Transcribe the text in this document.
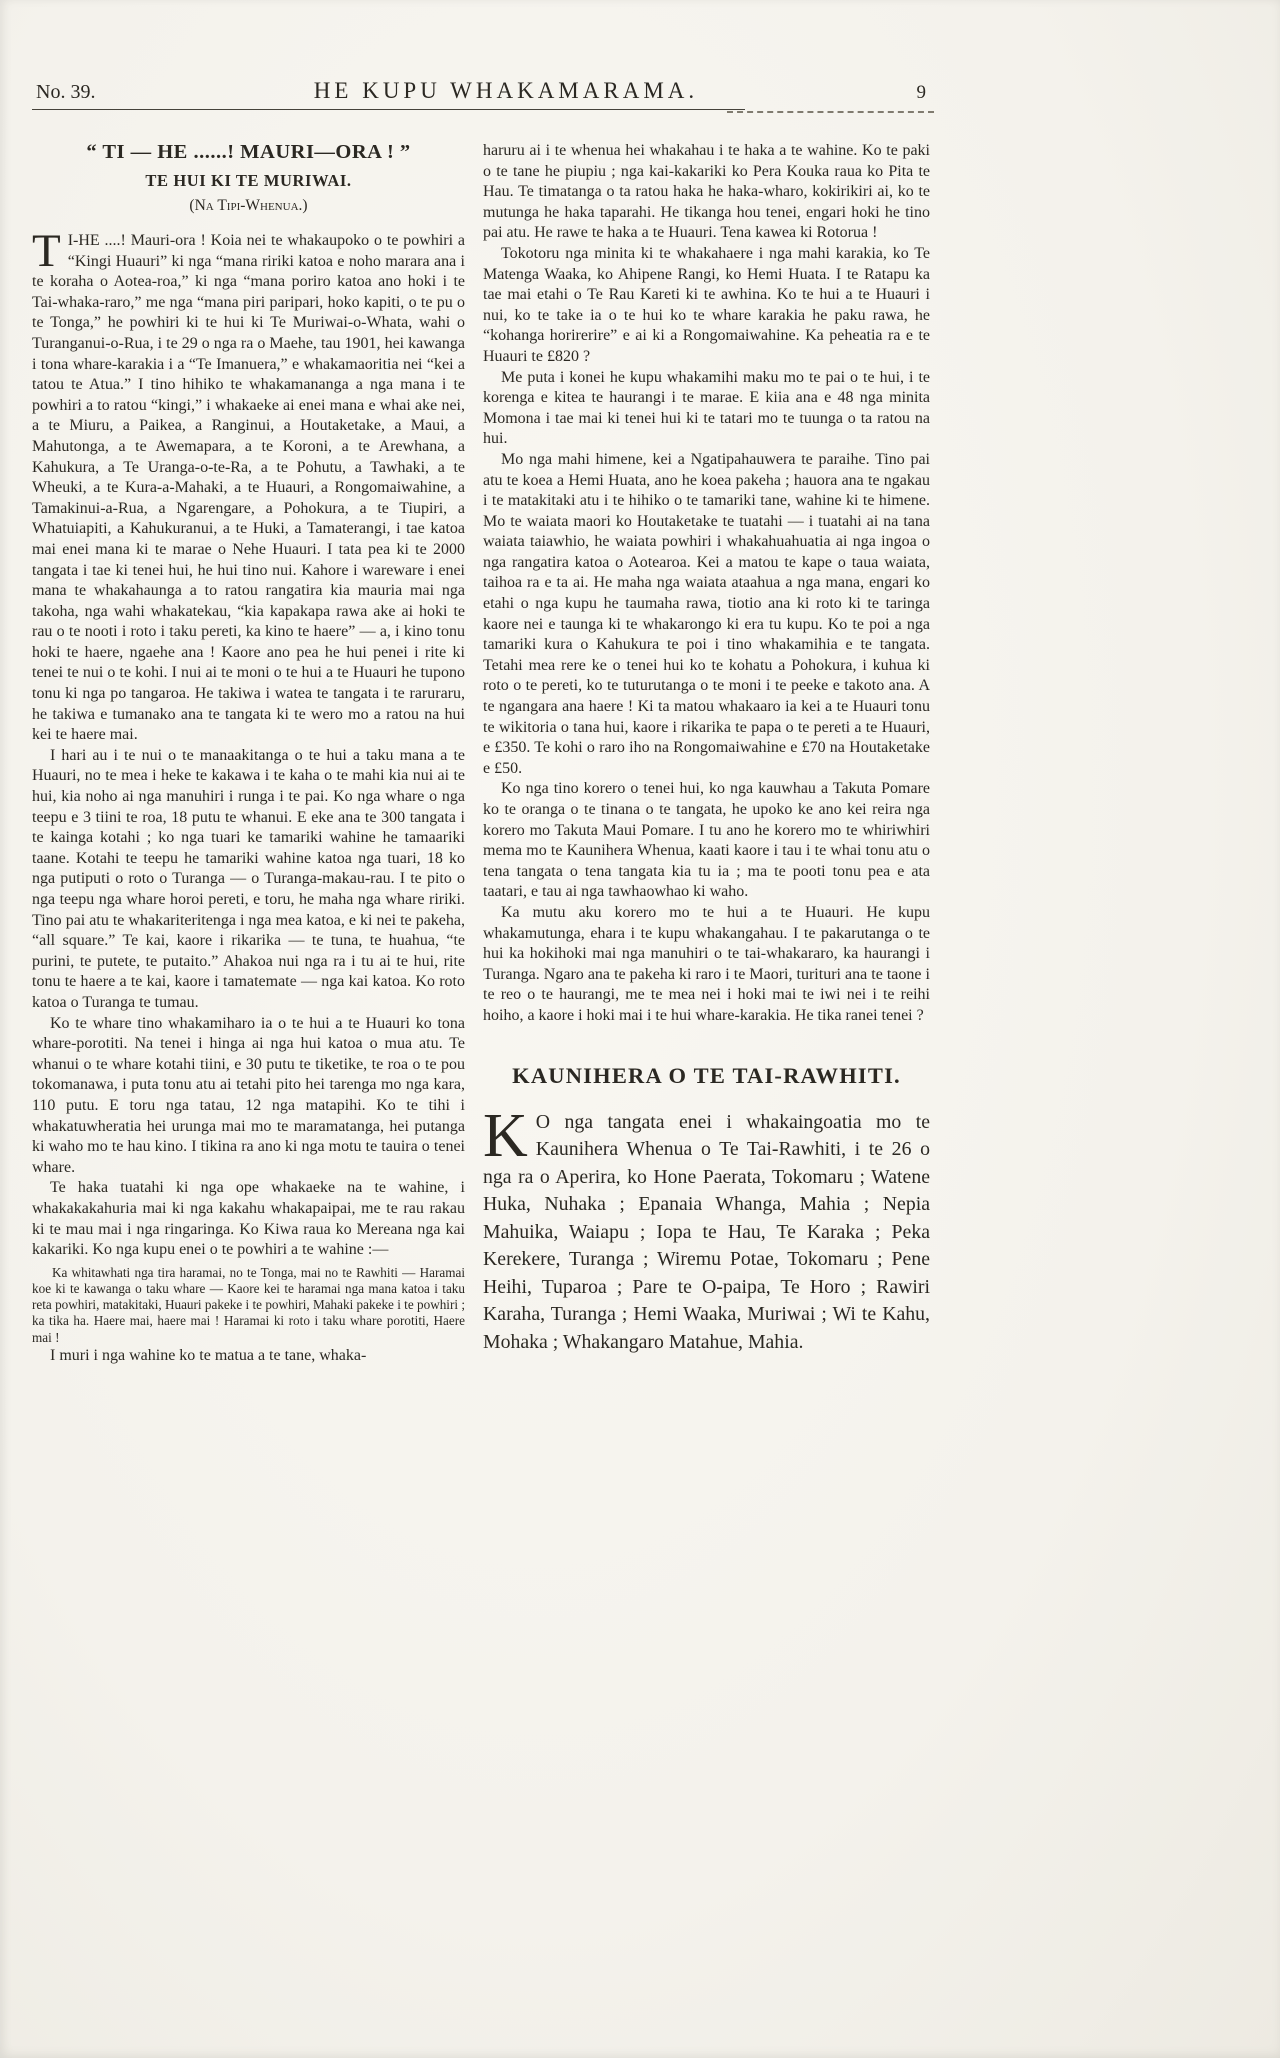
No. 39.	HE KUPU WHAKAMARAMA.	9
“ TI — HE ......! MAURI—ORA ! ”
TE HUI KI TE MURIWAI.
(Na Tipi-Whenua.)

T I-HE ....! Mauri-ora ! Koia nei te whakaupoko o te powhiri a “Kingi Huauri” ki nga “mana ririki katoa e noho marara ana i te koraha o Aotea-roa,” ki nga “mana poriro katoa ano hoki i te Tai-whaka-raro,” me nga “mana piri paripari, hoko kapiti, o te pu o te Tonga,” he powhiri ki te hui ki Te Muriwai-o-Whata, wahi o Turanganui-o-Rua, i te 29 o nga ra o Maehe, tau 1901, hei kawanga i tona whare-karakia i a “Te Imanuera,” e whakamaoritia nei “kei a tatou te Atua.” I tino hihiko te whakamananga a nga mana i te powhiri a to ratou “kingi,” i whakaeke ai enei mana e whai ake nei, a te Miuru, a Paikea, a Ranginui, a Houtaketake, a Maui, a Mahutonga, a te Awemapara, a te Koroni, a te Arewhana, a Kahukura, a Te Uranga-o-te-Ra, a te Pohutu, a Tawhaki, a te Wheuki, a te Kura-a-Mahaki, a te Huauri, a Rongomaiwahine, a Tamakinui-a-Rua, a Ngarengare, a Pohokura, a te Tiupiri, a Whatuiapiti, a Kahukuranui, a te Huki, a Tamaterangi, i tae katoa mai enei mana ki te marae o Nehe Huauri. I tata pea ki te 2000 tangata i tae ki tenei hui, he hui tino nui. Kahore i wareware i enei mana te whakahaunga a to ratou rangatira kia mauria mai nga takoha, nga wahi whakatekau, “kia kapakapa rawa ake ai hoki te rau o te nooti i roto i taku pereti, ka kino te haere” — a, i kino tonu hoki te haere, ngaehe ana ! Kaore ano pea he hui penei i rite ki tenei te nui o te kohi. I nui ai te moni o te hui a te Huauri he tupono tonu ki nga po tangaroa. He takiwa i watea te tangata i te raruraru, he takiwa e tumanako ana te tangata ki te wero mo a ratou na hui kei te haere mai.

I hari au i te nui o te manaakitanga o te hui a taku mana a te Huauri, no te mea i heke te kakawa i te kaha o te mahi kia nui ai te hui, kia noho ai nga manuhiri i runga i te pai. Ko nga whare o nga teepu e 3 tiini te roa, 18 putu te whanui. E eke ana te 300 tangata i te kainga kotahi ; ko nga tuari ke tamariki wahine he tamaariki taane. Kotahi te teepu he tamariki wahine katoa nga tuari, 18 ko nga putiputi o roto o Turanga — o Turanga-makau-rau. I te pito o nga teepu nga whare horoi pereti, e toru, he maha nga whare ririki. Tino pai atu te whakariteritenga i nga mea katoa, e ki nei te pakeha, “all square.” Te kai, kaore i rikarika — te tuna, te huahua, “te purini, te putete, te putaito.” Ahakoa nui nga ra i tu ai te hui, rite tonu te haere a te kai, kaore i tamatemate — nga kai katoa. Ko roto katoa o Turanga te tumau.

Ko te whare tino whakamiharo ia o te hui a te Huauri ko tona whare-porotiti. Na tenei i hinga ai nga hui katoa o mua atu. Te whanui o te whare kotahi tiini, e 30 putu te tiketike, te roa o te pou tokomanawa, i puta tonu atu ai tetahi pito hei tarenga mo nga kara, 110 putu. E toru nga tatau, 12 nga matapihi. Ko te tihi i whakatuwheratia hei urunga mai mo te maramatanga, hei putanga ki waho mo te hau kino. I tikina ra ano ki nga motu te tauira o tenei whare.

Te haka tuatahi ki nga ope whakaeke na te wahine, i whakakakahuria mai ki nga kakahu whakapaipai, me te rau rakau ki te mau mai i nga ringaringa. Ko Kiwa raua ko Mereana nga kai kakariki. Ko nga kupu enei o te powhiri a te wahine :—

Ka whitawhati nga tira haramai, no te Tonga, mai no te Rawhiti — Haramai koe ki te kawanga o taku whare — Kaore kei te haramai nga mana katoa i taku reta powhiri, matakitaki, Huauri pakeke i te powhiri, Mahaki pakeke i te powhiri ; ka tika ha. Haere mai, haere mai ! Haramai ki roto i taku whare porotiti, Haere mai !

I muri i nga wahine ko te matua a te tane, whaka-

haruru ai i te whenua hei whakahau i te haka a te wahine. Ko te paki o te tane he piupiu ; nga kai-kakariki ko Pera Kouka raua ko Pita te Hau. Te timatanga o ta ratou haka he haka-wharo, kokirikiri ai, ko te mutunga he haka taparahi. He tikanga hou tenei, engari hoki he tino pai atu. He rawe te haka a te Huauri. Tena kawea ki Rotorua !

Tokotoru nga minita ki te whakahaere i nga mahi karakia, ko Te Matenga Waaka, ko Ahipene Rangi, ko Hemi Huata. I te Ratapu ka tae mai etahi o Te Rau Kareti ki te awhina. Ko te hui a te Huauri i nui, ko te take ia o te hui ko te whare karakia he paku rawa, he “kohanga horirerire” e ai ki a Rongomaiwahine. Ka peheatia ra e te Huauri te £820 ?

Me puta i konei he kupu whakamihi maku mo te pai o te hui, i te korenga e kitea te haurangi i te marae. E kiia ana e 48 nga minita Momona i tae mai ki tenei hui ki te tatari mo te tuunga o ta ratou na hui.

Mo nga mahi himene, kei a Ngatipahauwera te paraihe. Tino pai atu te koea a Hemi Huata, ano he koea pakeha ; hauora ana te ngakau i te matakitaki atu i te hihiko o te tamariki tane, wahine ki te himene. Mo te waiata maori ko Houtaketake te tuatahi — i tuatahi ai na tana waiata taiawhio, he waiata powhiri i whakahuahuatia ai nga ingoa o nga rangatira katoa o Aotearoa. Kei a matou te kape o taua waiata, taihoa ra e ta ai. He maha nga waiata ataahua a nga mana, engari ko etahi o nga kupu he taumaha rawa, tiotio ana ki roto ki te taringa kaore nei e taunga ki te whakarongo ki era tu kupu. Ko te poi a nga tamariki kura o Kahukura te poi i tino whakamihia e te tangata. Tetahi mea rere ke o tenei hui ko te kohatu a Pohokura, i kuhua ki roto o te pereti, ko te tuturutanga o te moni i te peeke e takoto ana. A te ngangara ana haere ! Ki ta matou whakaaro ia kei a te Huauri tonu te wikitoria o tana hui, kaore i rikarika te papa o te pereti a te Huauri, e £350. Te kohi o raro iho na Rongomaiwahine e £70 na Houtaketake e £50.

Ko nga tino korero o tenei hui, ko nga kauwhau a Takuta Pomare ko te oranga o te tinana o te tangata, he upoko ke ano kei reira nga korero mo Takuta Maui Pomare. I tu ano he korero mo te whiriwhiri mema mo te Kaunihera Whenua, kaati kaore i tau i te whai tonu atu o tena tangata o tena tangata kia tu ia ; ma te pooti tonu pea e ata taatari, e tau ai nga tawhaowhao ki waho.

Ka mutu aku korero mo te hui a te Huauri. He kupu whakamutunga, ehara i te kupu whakangahau. I te pakarutanga o te hui ka hokihoki mai nga manuhiri o te tai-whakararo, ka haurangi i Turanga. Ngaro ana te pakeha ki raro i te Maori, turituri ana te taone i te reo o te haurangi, me te mea nei i hoki mai te iwi nei i te reihi hoiho, a kaore i hoki mai i te hui whare-karakia. He tika ranei tenei ?

KAUNIHERA O TE TAI-RAWHITI.

K O nga tangata enei i whakaingoatia mo te Kaunihera Whenua o Te Tai-Rawhiti, i te 26 o nga ra o Aperira, ko Hone Paerata, Tokomaru ; Watene Huka, Nuhaka ; Epanaia Whanga, Mahia ; Nepia Mahuika, Waiapu ; Iopa te Hau, Te Karaka ; Peka Kerekere, Turanga ; Wiremu Potae, Tokomaru ; Pene Heihi, Tuparoa ; Pare te O-paipa, Te Horo ; Rawiri Karaha, Turanga ; Hemi Waaka, Muriwai ; Wi te Kahu, Mohaka ; Whakangaro Matahue, Mahia.
